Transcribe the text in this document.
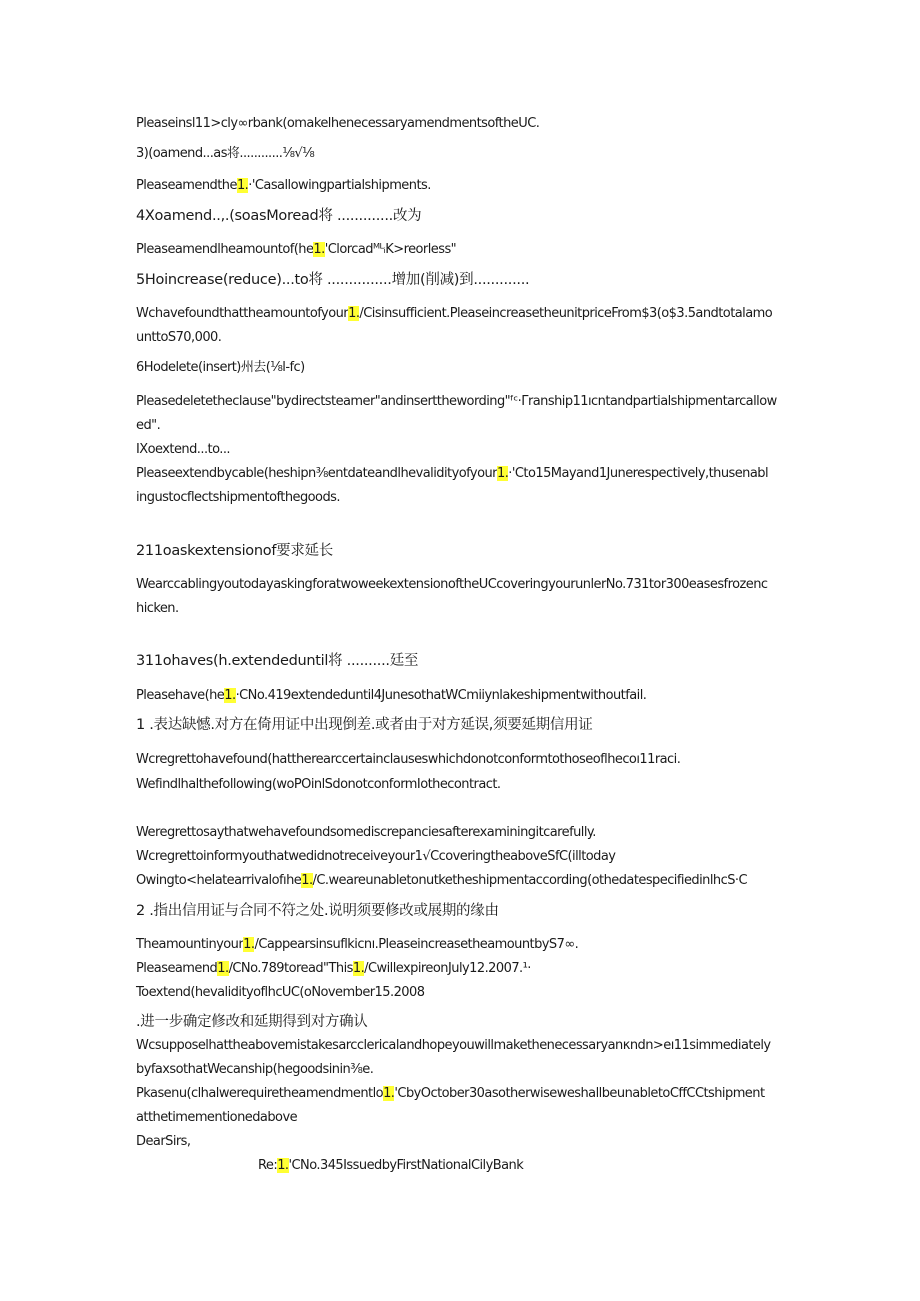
Pleaseinsl11>cly∞rbank(omakelhenecessaryamendmentsoftheUC.
3)(oamend...as将............⅛√⅛
Pleaseamendthe1.·'Casallowingpartialshipments.
4Xoamend..,.(soasMoread将 .............改为
Pleaseamendlheamountof(he1.'ClorcadᴹᴸᵢK>reorless"
5Hoincrease(reduce)...to将 ...............增加(削减)到.............
Wchavefoundthattheamountofyour1./Cisinsufficient.PleaseincreasetheunitpriceFrom$3(o$3.5andtotalamo
unttoS70,000.
6Hodelete(insert)州去(⅛l-fc)
Pleasedeletetheclause"bydirectsteamer"andinsertthewording"ᶠᶜ·Γranship11ıcntandpartialshipmentarcallow
ed".
IXoextend...to...
Pleaseextendbycable(heshipn⅜entdateandlhevalidityofyour1.·'Cto15Mayand1Junerespectively,thusenabl
ingustocflectshipmentofthegoods.
211oaskextensionof要求延长
WearccablingyoutodayaskingforatwoweekextensionoftheUCcoveringyourunlerNo.731tor300easesfrozenc
hicken.
311ohaves(h.extendeduntil将 ..........廷至
Pleasehave(he1.·CNo.419extendeduntil4JunesothatWCmiiynlakeshipmentwithoutfail.
1 .表达缺憾.对方在倚用证中出现倒差.或者由于对方延误,须要延期信用证
Wcregrettohavefound(hattherearccertainclauseswhichdonotconformtothoseoflhecoı11raci.
Wefindlhalthefollowing(woPOinlSdonotconformIothecontract.
Weregrettosaythatwehavefoundsomediscrepanciesafterexaminingitcarefully.
Wcregrettoinformyouthatwedidnotreceiveyour1√CcoveringtheaboveSfC(illtoday
Owingto<helatearrivalofıhe1./C.weareunabletonutketheshipmentaccording(othedatespecifiedinlhcS·C
2 .指出信用证与合同不符之处.说明须要修改或展期的缘由
Theamountinyour1./Cappearsinsuflkicnı.PleaseincreasetheamountbyS7∞.
Pleaseamend1./CNo.789toread"This1./CwillexpireonJuly12.2007.¹·
Toextend(hevalidityoflhcUC(oNovember15.2008
.进一步确定修改和延期得到对方确认
Wcsupposelhattheabovemistakesarcclericalandhopeyouwillmakethenecessaryanκndn>eı11simmediately
byfaxsothatWecanship(hegoodsinin⅜e.
Pkasenu(clhalwerequiretheamendmentlo1.'CbyOctober30asotherwiseweshallbeunabletoCffCCtshipment
atthetimementionedabove
DearSirs,
Re:1.'CNo.345IssuedbyFirstNationalCilyBank
